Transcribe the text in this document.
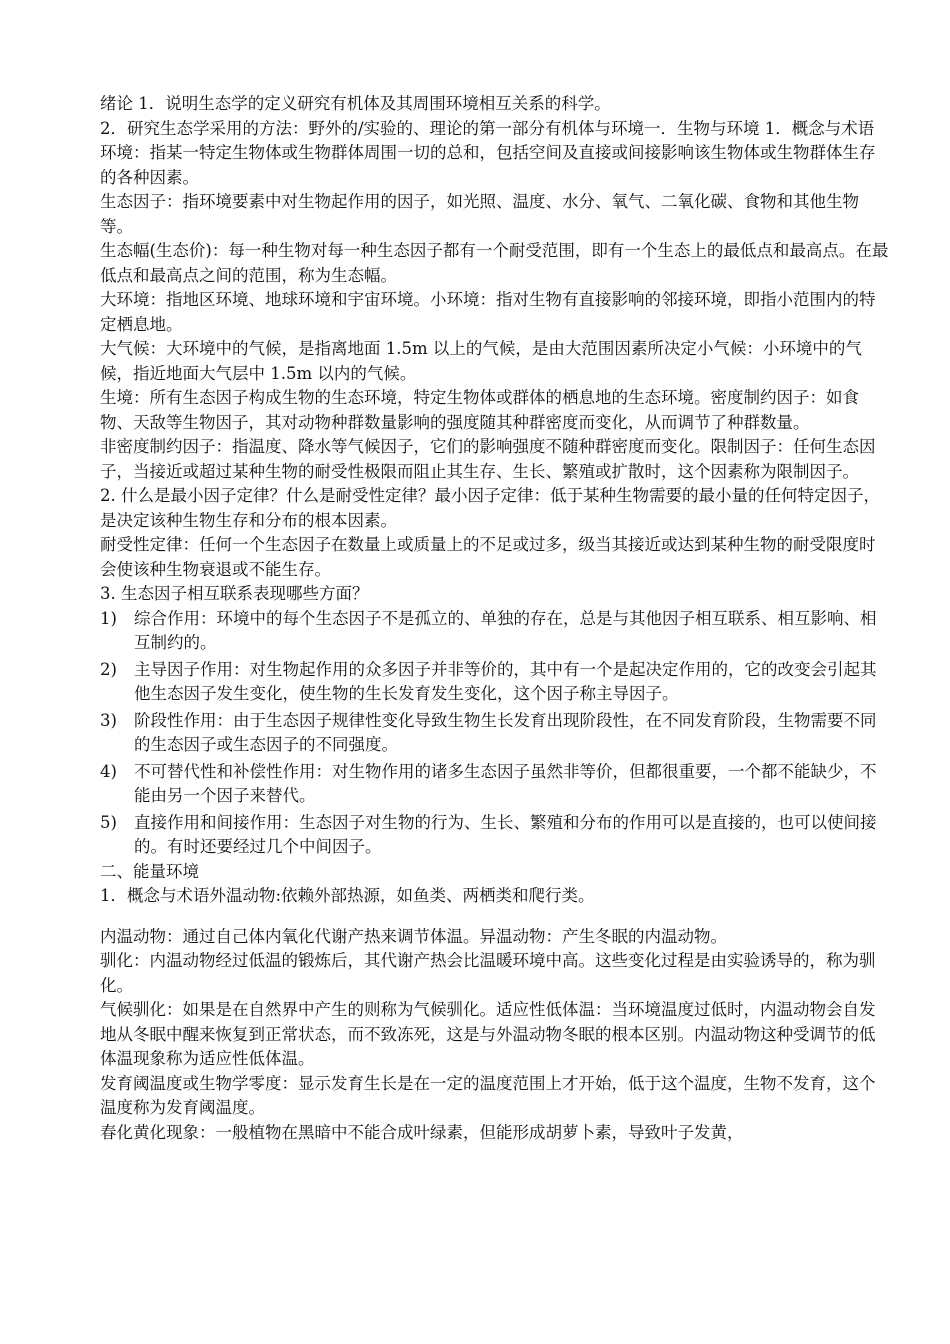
绪论 1．说明生态学的定义研究有机体及其周围环境相互关系的科学。

2．研究生态学采用的方法：野外的/实验的、理论的第一部分有机体与环境一．生物与环境 1．概念与术语环境：指某一特定生物体或生物群体周围一切的总和，包括空间及直接或间接影响该生物体或生物群体生存的各种因素。

生态因子：指环境要素中对生物起作用的因子，如光照、温度、水分、氧气、二氧化碳、食物和其他生物等。

生态幅(生态价)：每一种生物对每一种生态因子都有一个耐受范围，即有一个生态上的最低点和最高点。在最低点和最高点之间的范围，称为生态幅。

大环境：指地区环境、地球环境和宇宙环境。小环境：指对生物有直接影响的邻接环境，即指小范围内的特定栖息地。

大气候：大环境中的气候，是指离地面 1.5m 以上的气候，是由大范围因素所决定小气候：小环境中的气候，指近地面大气层中 1.5m 以内的气候。

生境：所有生态因子构成生物的生态环境，特定生物体或群体的栖息地的生态环境。密度制约因子：如食物、天敌等生物因子，其对动物种群数量影响的强度随其种群密度而变化，从而调节了种群数量。

非密度制约因子：指温度、降水等气候因子，它们的影响强度不随种群密度而变化。限制因子：任何生态因子，当接近或超过某种生物的耐受性极限而阻止其生存、生长、繁殖或扩散时，这个因素称为限制因子。

2. 什么是最小因子定律？什么是耐受性定律？最小因子定律：低于某种生物需要的最小量的任何特定因子，是决定该种生物生存和分布的根本因素。

耐受性定律：任何一个生态因子在数量上或质量上的不足或过多，级当其接近或达到某种生物的耐受限度时会使该种生物衰退或不能生存。

3. 生态因子相互联系表现哪些方面？

1) 综合作用：环境中的每个生态因子不是孤立的、单独的存在，总是与其他因子相互联系、相互影响、相互制约的。
2) 主导因子作用：对生物起作用的众多因子并非等价的，其中有一个是起决定作用的，它的改变会引起其他生态因子发生变化，使生物的生长发育发生变化，这个因子称主导因子。
3) 阶段性作用：由于生态因子规律性变化导致生物生长发育出现阶段性，在不同发育阶段，生物需要不同的生态因子或生态因子的不同强度。
4) 不可替代性和补偿性作用：对生物作用的诸多生态因子虽然非等价，但都很重要，一个都不能缺少，不能由另一个因子来替代。
5) 直接作用和间接作用：生态因子对生物的行为、生长、繁殖和分布的作用可以是直接的，也可以使间接的。有时还要经过几个中间因子。

二、能量环境

1．概念与术语外温动物:依赖外部热源，如鱼类、两栖类和爬行类。

内温动物：通过自己体内氧化代谢产热来调节体温。异温动物：产生冬眠的内温动物。

驯化：内温动物经过低温的锻炼后，其代谢产热会比温暖环境中高。这些变化过程是由实验诱导的，称为驯化。

气候驯化：如果是在自然界中产生的则称为气候驯化。适应性低体温：当环境温度过低时，内温动物会自发地从冬眠中醒来恢复到正常状态，而不致冻死，这是与外温动物冬眠的根本区别。内温动物这种受调节的低体温现象称为适应性低体温。

发育阈温度或生物学零度：显示发育生长是在一定的温度范围上才开始，低于这个温度，生物不发育，这个温度称为发育阈温度。

春化黄化现象：一般植物在黑暗中不能合成叶绿素，但能形成胡萝卜素，导致叶子发黄，
